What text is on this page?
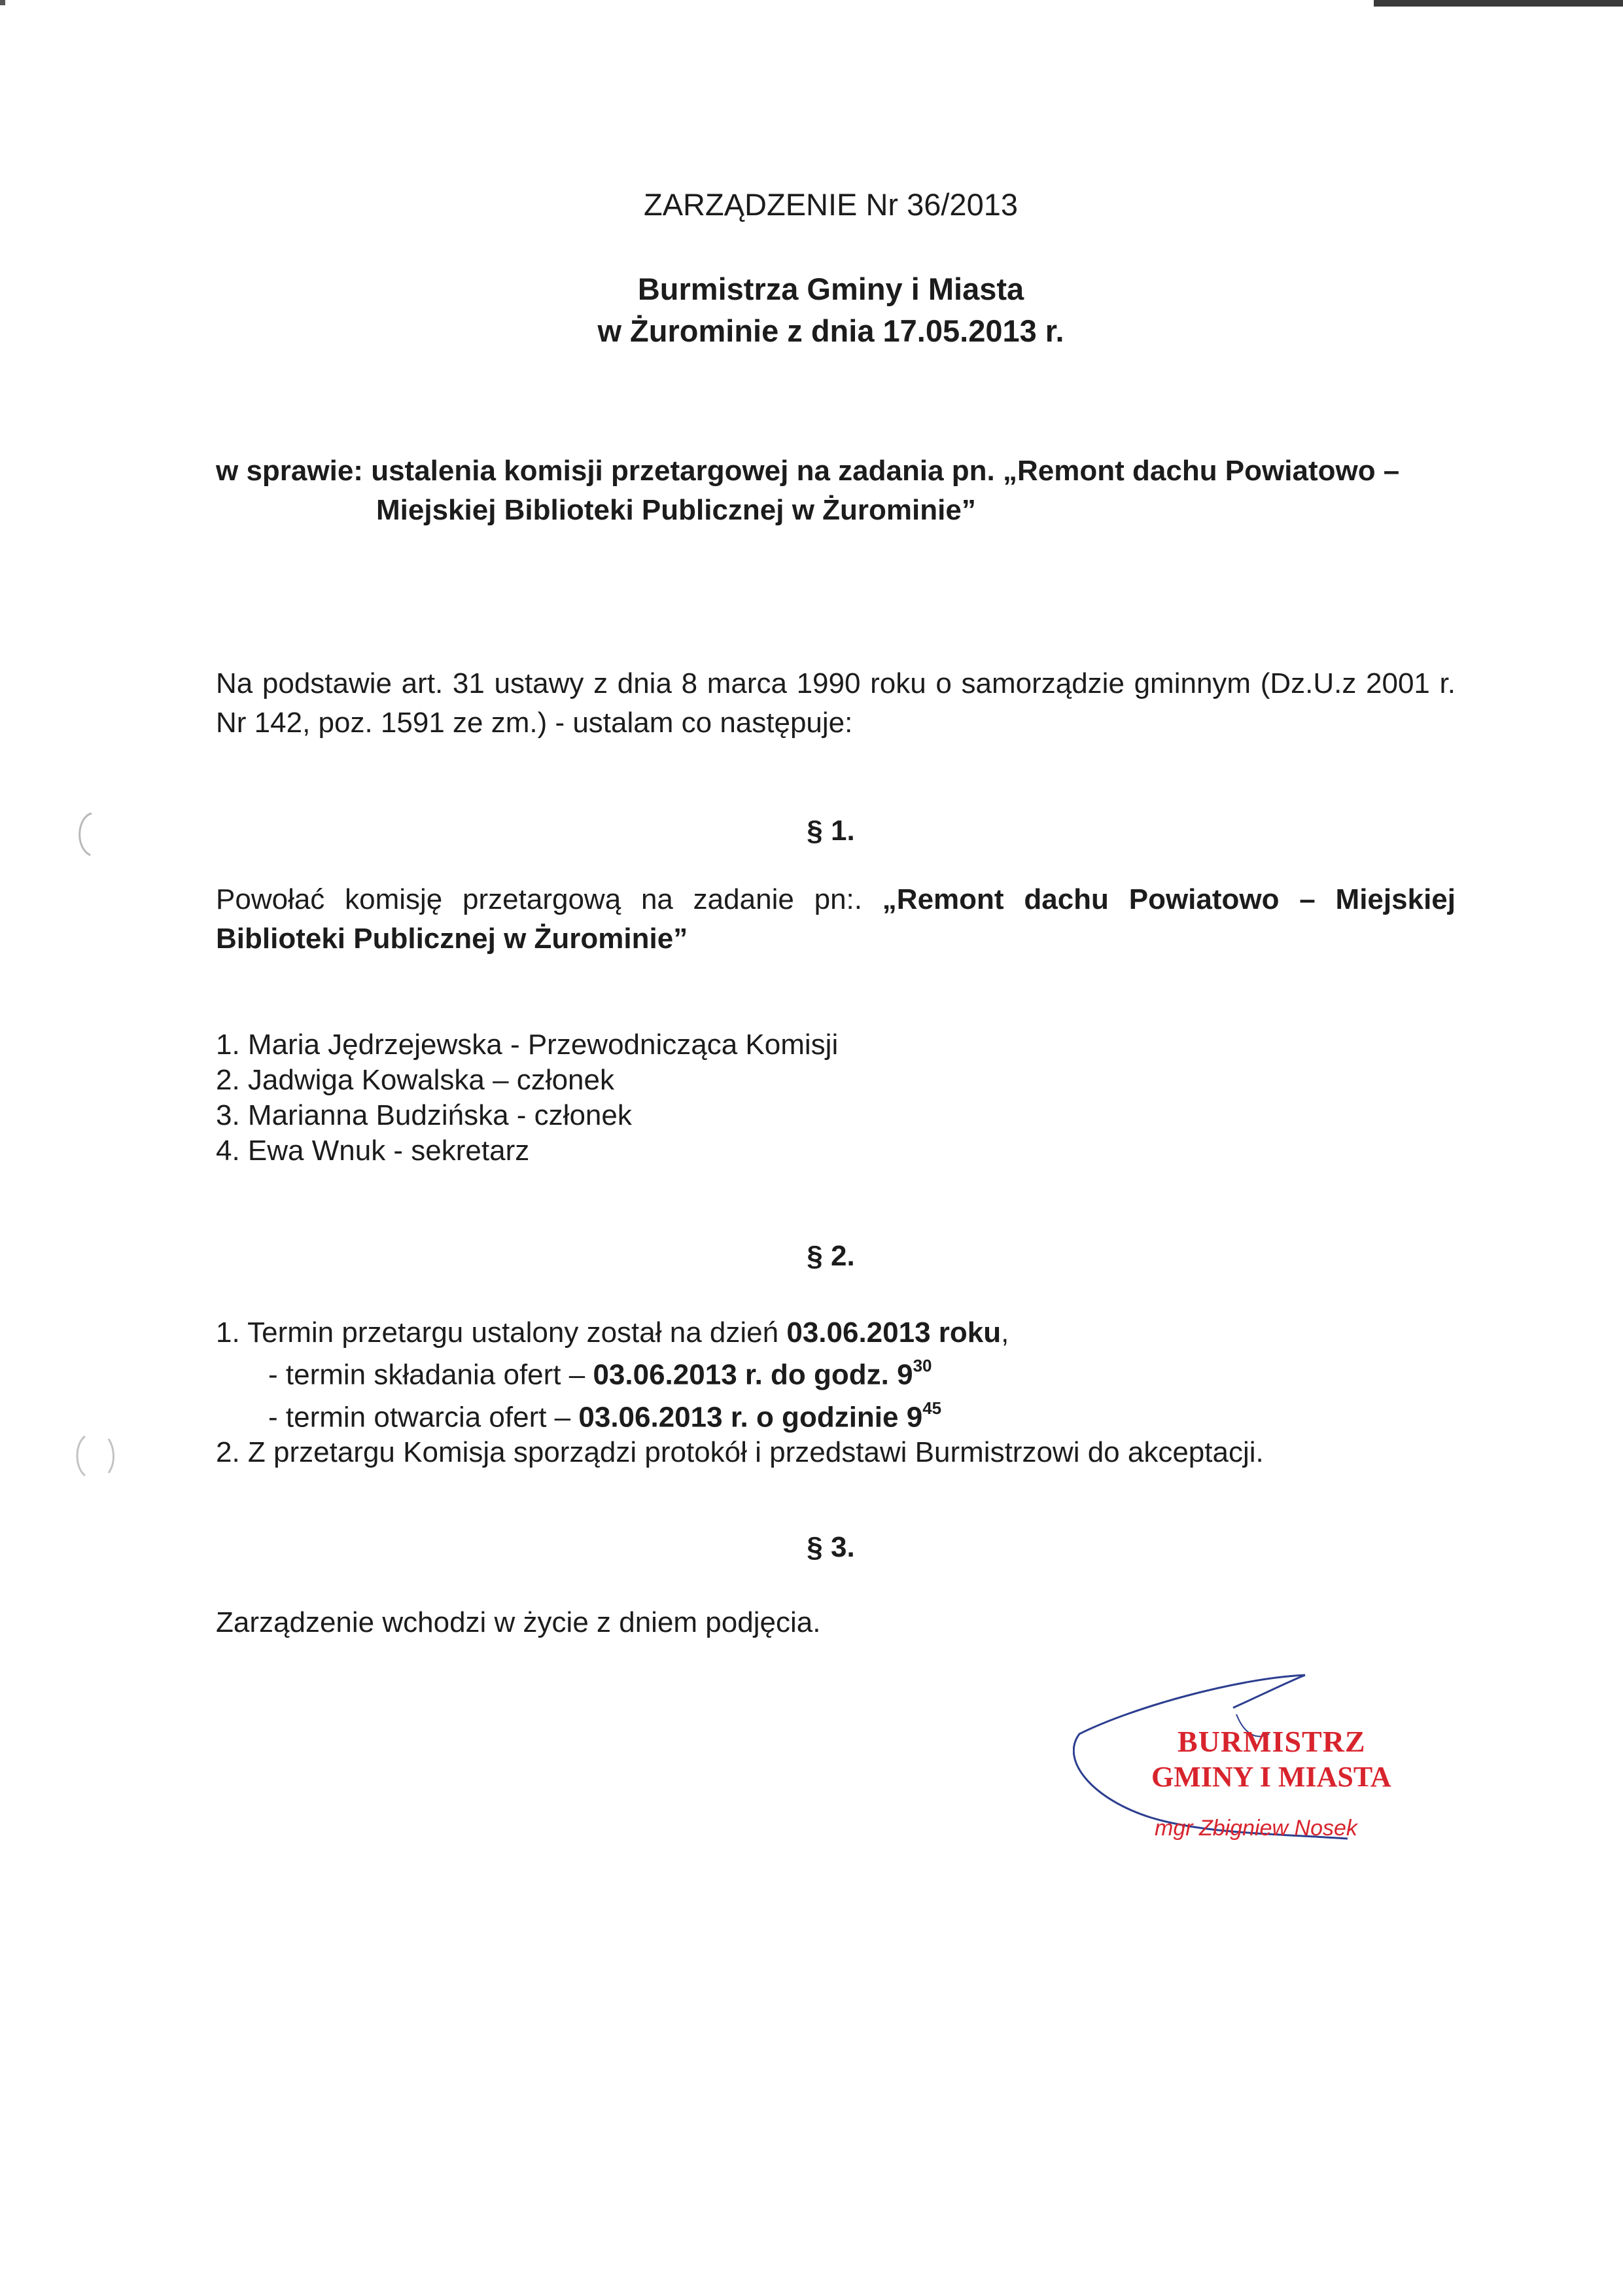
ZARZĄDZENIE Nr 36/2013
Burmistrza Gminy i Miasta
w Żurominie z dnia 17.05.2013 r.
w sprawie: ustalenia komisji przetargowej na zadania pn. „Remont dachu Powiatowo –
Miejskiej Biblioteki Publicznej w Żurominie”
Na podstawie art. 31 ustawy z dnia 8 marca 1990 roku o samorządzie gminnym (Dz.U.z 2001 r. Nr 142, poz. 1591 ze zm.) - ustalam co następuje:
§ 1.
Powołać komisję przetargową na zadanie pn:. „Remont dachu Powiatowo – Miejskiej Biblioteki Publicznej w Żurominie”
1. Maria Jędrzejewska - Przewodnicząca Komisji
2. Jadwiga Kowalska – członek
3. Marianna Budzińska - członek
4. Ewa Wnuk - sekretarz
§ 2.
1. Termin przetargu ustalony został na dzień 03.06.2013 roku,
- termin składania ofert – 03.06.2013 r. do godz. $9^{30}$
- termin otwarcia ofert – 03.06.2013 r. o godzinie $9^{45}$
2. Z przetargu Komisja sporządzi protokół i przedstawi Burmistrzowi do akceptacji.
§ 3.
Zarządzenie wchodzi w życie z dniem podjęcia.
BURMISTRZ
GMINY I MIASTA
mgr Zbigniew Nosek
